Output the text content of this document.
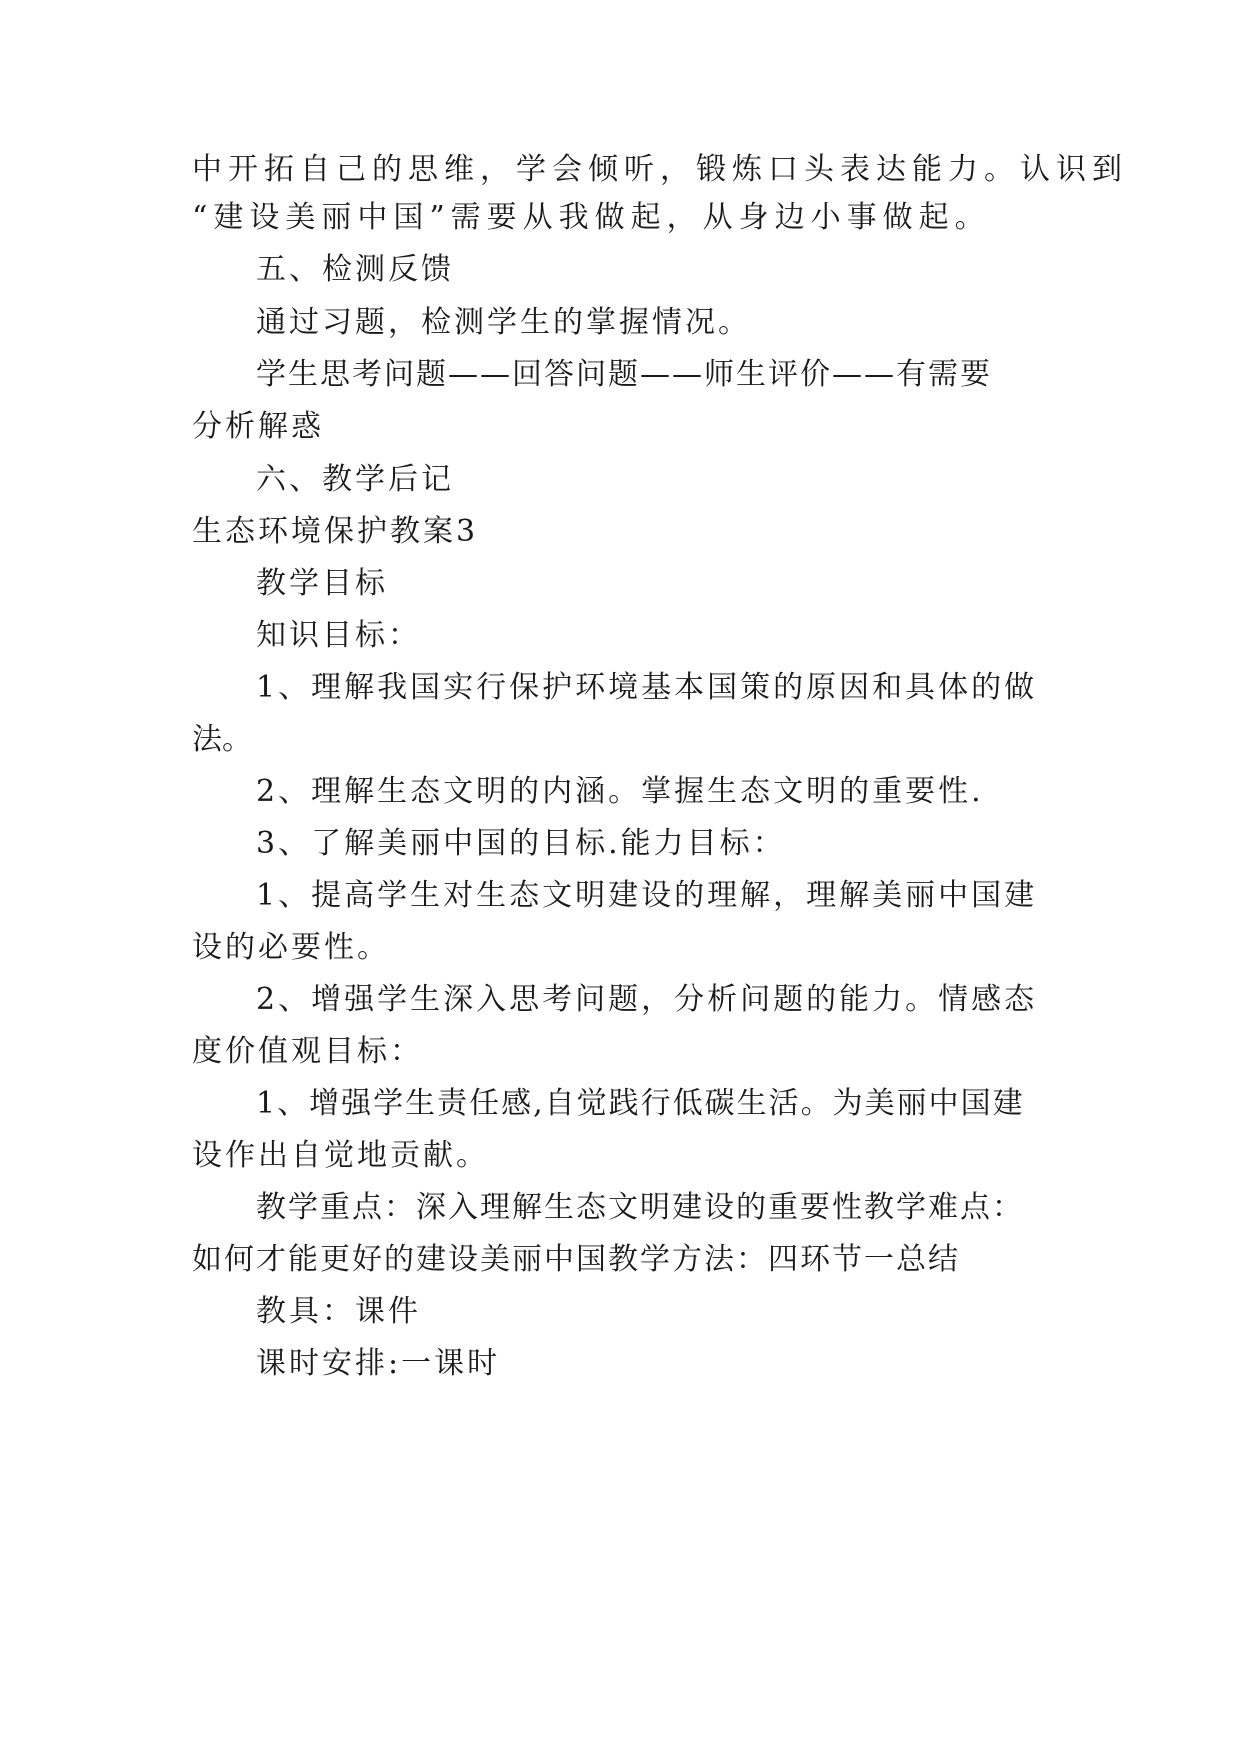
中开拓自己的思维，学会倾听，锻炼口头表达能力。认识到
“建设美丽中国”需要从我做起，从身边小事做起。
五、检测反馈
通过习题，检测学生的掌握情况。
学生思考问题——回答问题——师生评价——有需要
分析解惑
六、教学后记
生态环境保护教案3
教学目标
知识目标：
1、理解我国实行保护环境基本国策的原因和具体的做
法。
2、理解生态文明的内涵。掌握生态文明的重要性.
3、了解美丽中国的目标.能力目标：
1、提高学生对生态文明建设的理解，理解美丽中国建
设的必要性。
2、增强学生深入思考问题，分析问题的能力。情感态
度价值观目标：
1、增强学生责任感,自觉践行低碳生活。为美丽中国建
设作出自觉地贡献。
教学重点：深入理解生态文明建设的重要性教学难点：
如何才能更好的建设美丽中国教学方法：四环节一总结
教具：课件
课时安排:一课时
